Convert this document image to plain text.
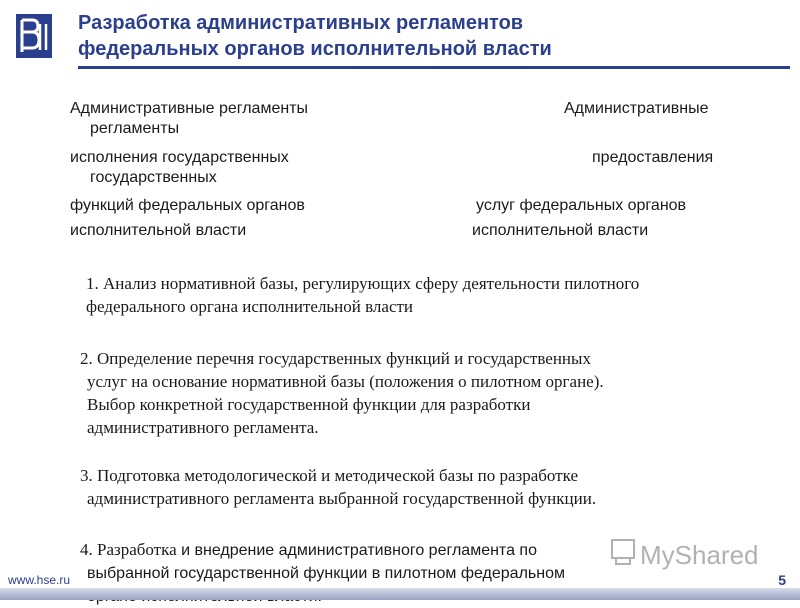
Разработка административных регламентов
федеральных органов исполнительной власти
Административные регламенты	Административные
регламенты
исполнения государственных	предоставления
государственных
функций федеральных органов	услуг федеральных органов
исполнительной власти	исполнительной власти
1. Анализ нормативной базы, регулирующих сферу деятельности пилотного
федерального органа исполнительной власти
2. Определение перечня государственных функций и государственных
услуг на основание нормативной базы (положения о пилотном органе).
Выбор конкретной государственной функции для разработки
административного регламента.
3. Подготовка методологической и методической базы по разработке
административного регламента выбранной государственной функции.
4. Разработка и внедрение административного регламента по
выбранной государственной функции в пилотном федеральном
MyShared
www.hse.ru	5
